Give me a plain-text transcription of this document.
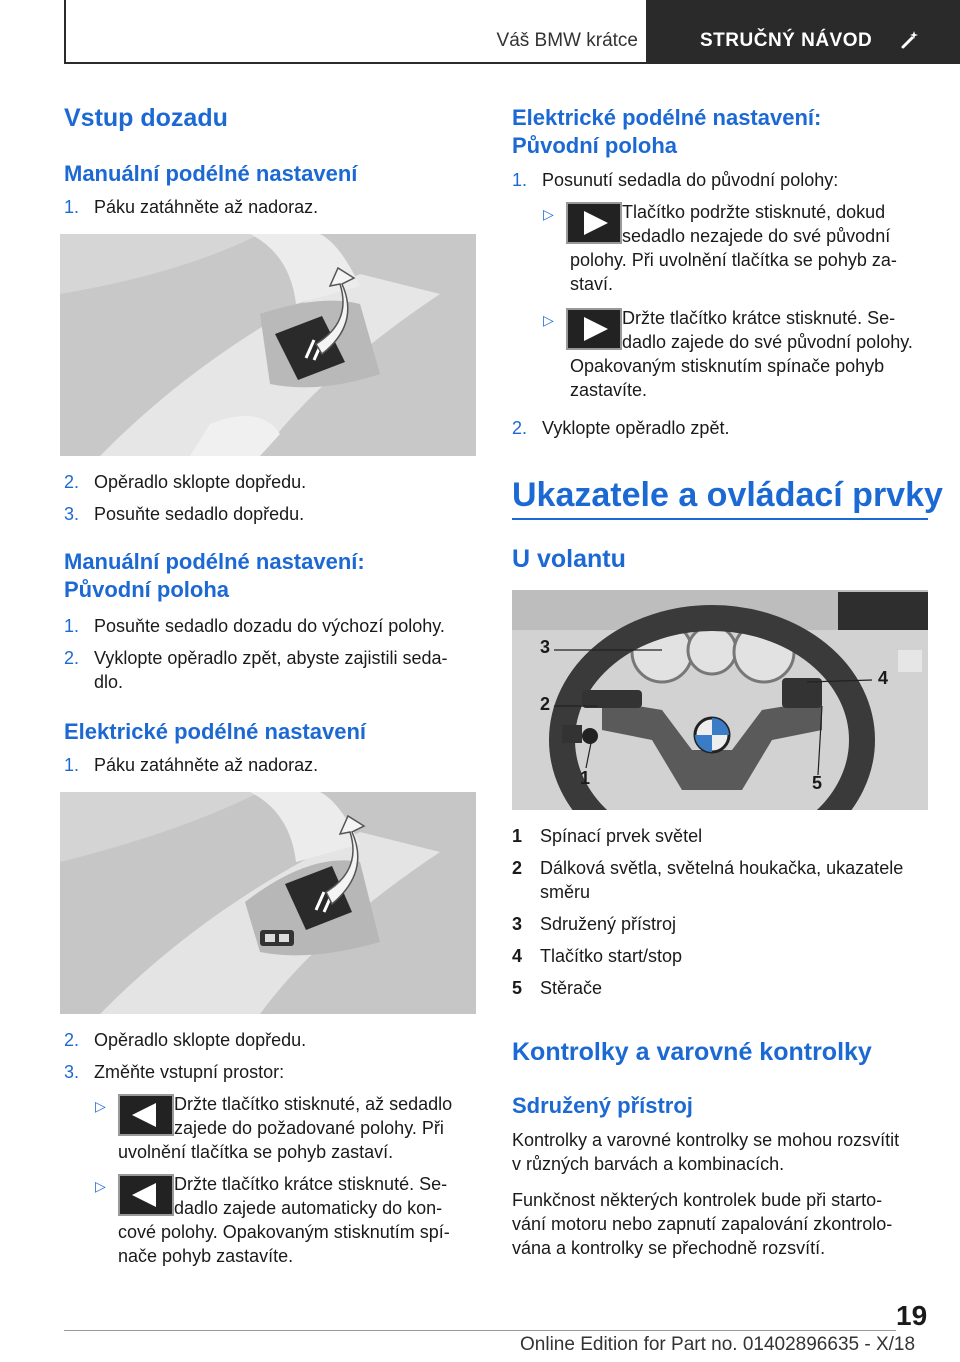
Váš BMW krátce	STRUČNÝ NÁVOD
Vstup dozadu
Manuální podélné nastavení
1. Páku zatáhněte až nadoraz.
2. Opěradlo sklopte dopředu.
3. Posuňte sedadlo dopředu.
Manuální podélné nastavení:
Původní poloha
1. Posuňte sedadlo dozadu do výchozí polohy.
2. Vyklopte opěradlo zpět, abyste zajistili seda-
dlo.
Elektrické podélné nastavení
1. Páku zatáhněte až nadoraz.
2. Opěradlo sklopte dopředu.
3. Změňte vstupní prostor:
▷	Držte tlačítko stisknuté, až sedadlo
zajede do požadované polohy. Při
uvolnění tlačítka se pohyb zastaví.
▷	Držte tlačítko krátce stisknuté. Se-
dadlo zajede automaticky do kon-
cové polohy. Opakovaným stisknutím spí-
nače pohyb zastavíte.
Elektrické podélné nastavení:
Původní poloha
1. Posunutí sedadla do původní polohy:
▷	Tlačítko podržte stisknuté, dokud
sedadlo nezajede do své původní
polohy. Při uvolnění tlačítka se pohyb za-
staví.
▷	Držte tlačítko krátce stisknuté. Se-
dadlo zajede do své původní polohy.
Opakovaným stisknutím spínače pohyb
zastavíte.
2. Vyklopte opěradlo zpět.
Ukazatele a ovládací prvky
U volantu
3
2
1
4
5
1 Spínací prvek světel
2 Dálková světla, světelná houkačka, ukazatele
směru
3 Sdružený přístroj
4 Tlačítko start/stop
5 Stěrače
Kontrolky a varovné kontrolky
Sdružený přístroj
Kontrolky a varovné kontrolky se mohou rozsvítit
v různých barvách a kombinacích.
Funkčnost některých kontrolek bude při starto-
vání motoru nebo zapnutí zapalování zkontrolo-
vána a kontrolky se přechodně rozsvítí.
19
Online Edition for Part no. 01402896635 - X/18
